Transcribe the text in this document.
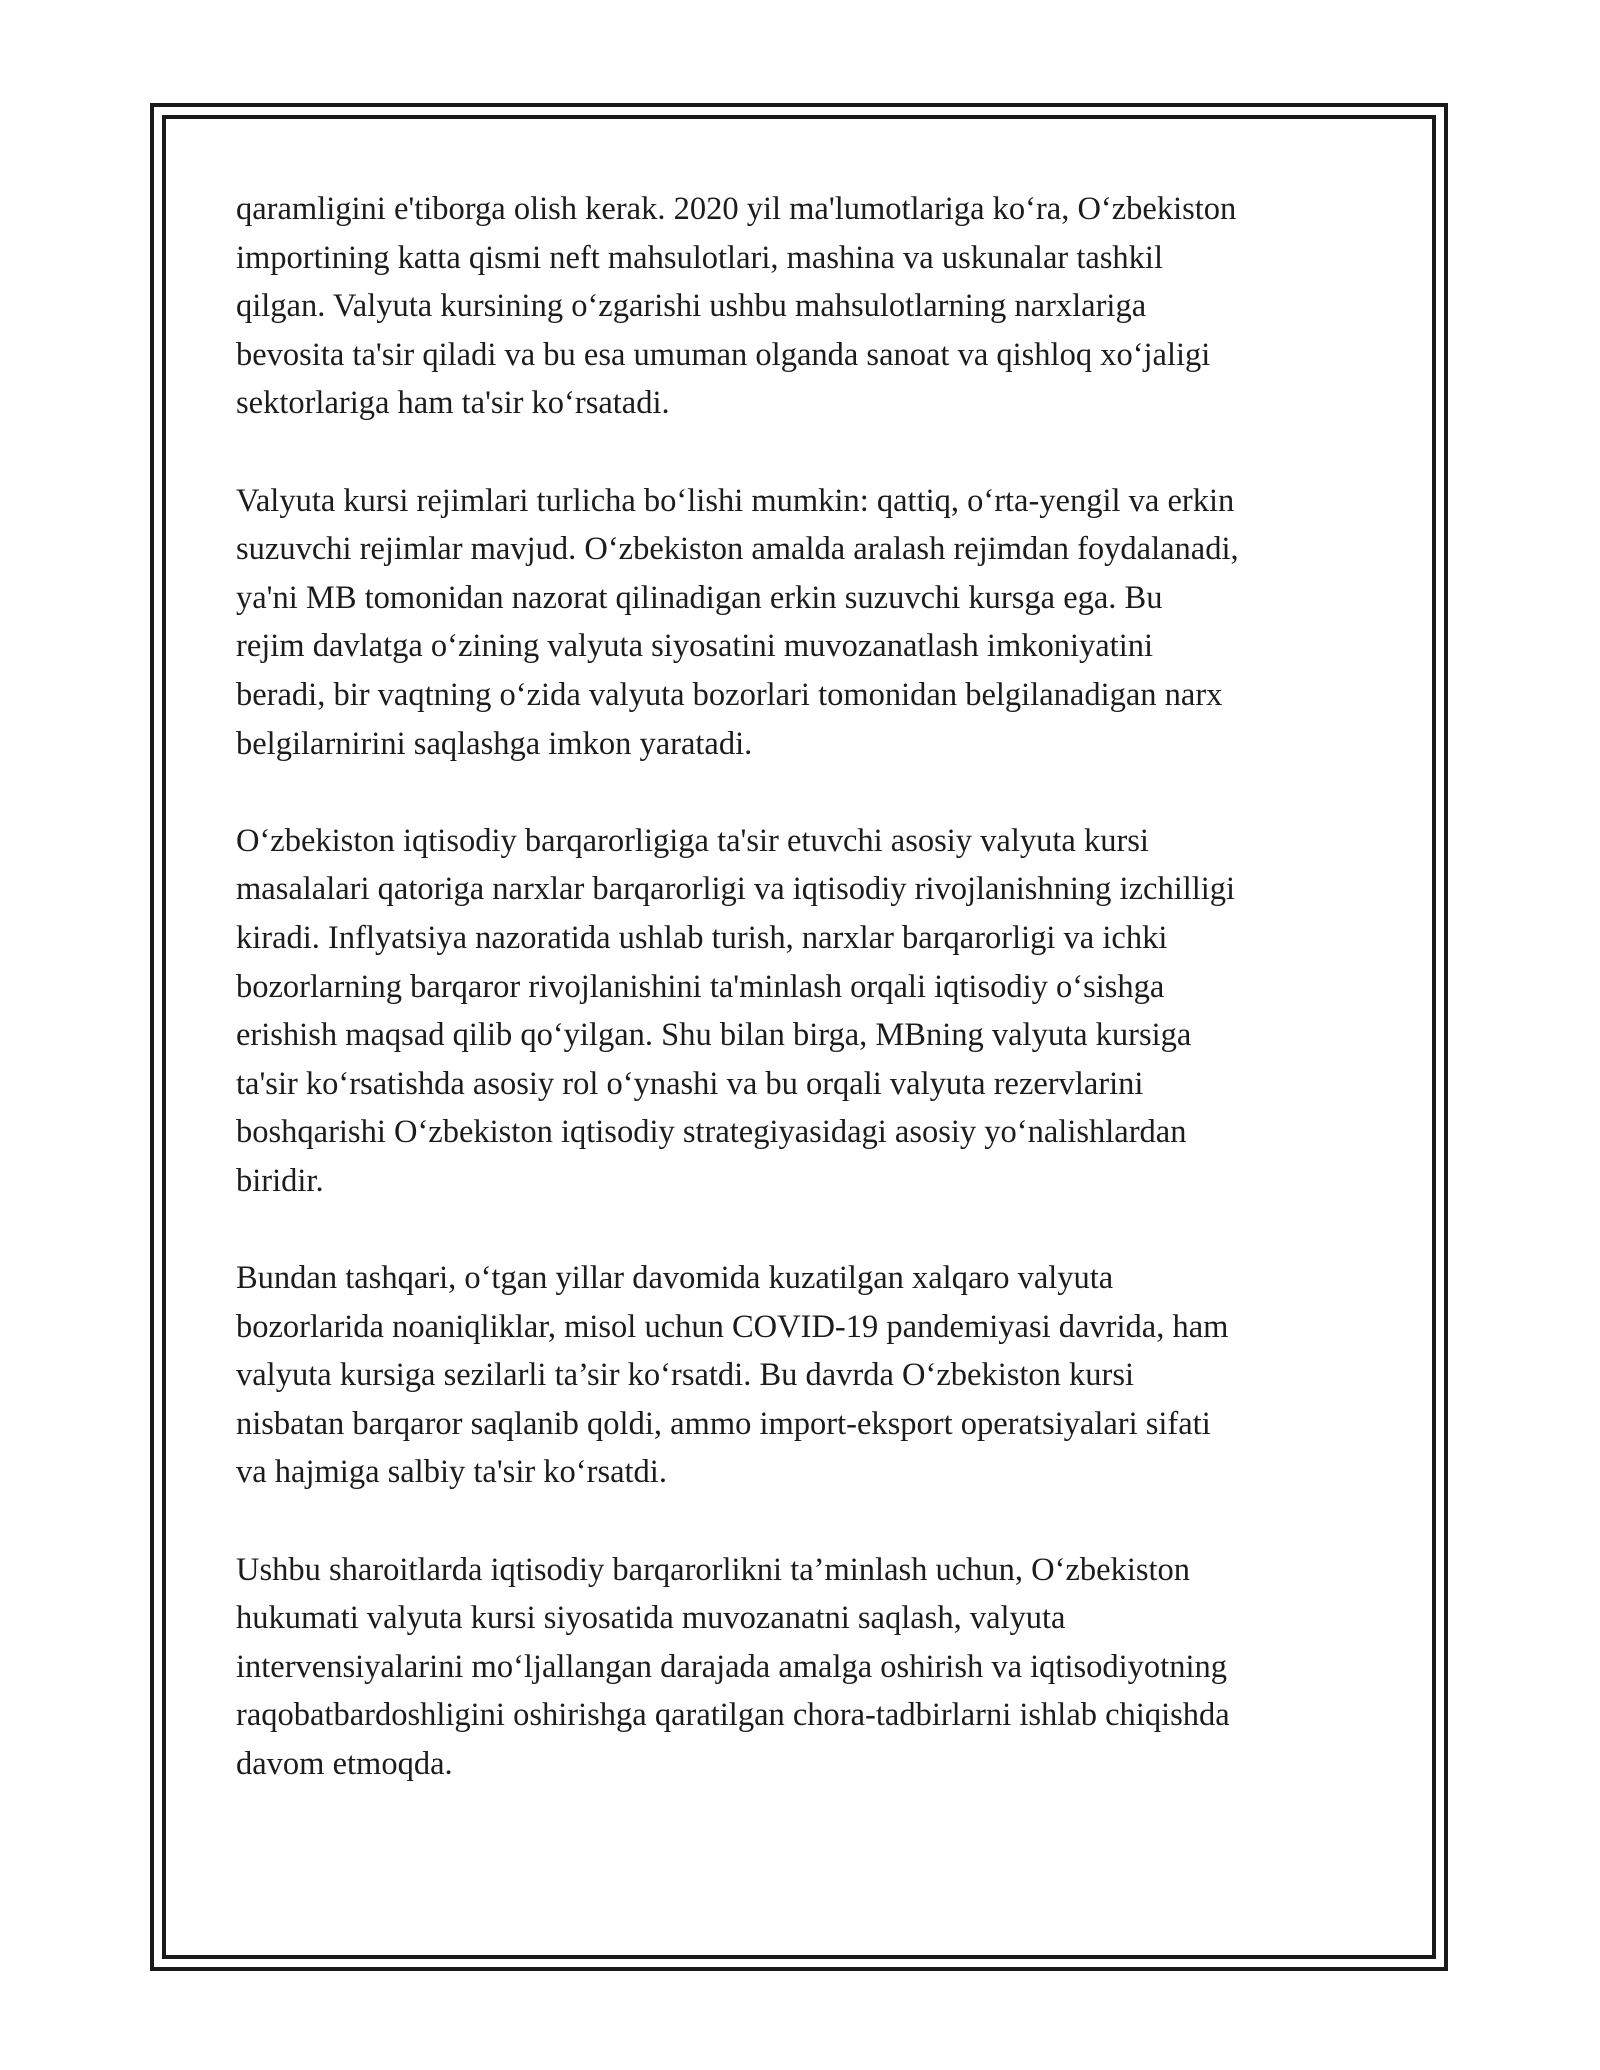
qaramligini e'tiborga olish kerak. 2020 yil ma'lumotlariga ko‘ra, O‘zbekiston
importining katta qismi neft mahsulotlari, mashina va uskunalar tashkil
qilgan. Valyuta kursining o‘zgarishi ushbu mahsulotlarning narxlariga
bevosita ta'sir qiladi va bu esa umuman olganda sanoat va qishloq xo‘jaligi
sektorlariga ham ta'sir ko‘rsatadi.

Valyuta kursi rejimlari turlicha bo‘lishi mumkin: qattiq, o‘rta-yengil va erkin
suzuvchi rejimlar mavjud. O‘zbekiston amalda aralash rejimdan foydalanadi,
ya'ni MB tomonidan nazorat qilinadigan erkin suzuvchi kursga ega. Bu
rejim davlatga o‘zining valyuta siyosatini muvozanatlash imkoniyatini
beradi, bir vaqtning o‘zida valyuta bozorlari tomonidan belgilanadigan narx
belgilarnirini saqlashga imkon yaratadi.

O‘zbekiston iqtisodiy barqarorligiga ta'sir etuvchi asosiy valyuta kursi
masalalari qatoriga narxlar barqarorligi va iqtisodiy rivojlanishning izchilligi
kiradi. Inflyatsiya nazoratida ushlab turish, narxlar barqarorligi va ichki
bozorlarning barqaror rivojlanishini ta'minlash orqali iqtisodiy o‘sishga
erishish maqsad qilib qo‘yilgan. Shu bilan birga, MBning valyuta kursiga
ta'sir ko‘rsatishda asosiy rol o‘ynashi va bu orqali valyuta rezervlarini
boshqarishi O‘zbekiston iqtisodiy strategiyasidagi asosiy yo‘nalishlardan
biridir.

Bundan tashqari, o‘tgan yillar davomida kuzatilgan xalqaro valyuta
bozorlarida noaniqliklar, misol uchun COVID-19 pandemiyasi davrida, ham
valyuta kursiga sezilarli ta’sir ko‘rsatdi. Bu davrda O‘zbekiston kursi
nisbatan barqaror saqlanib qoldi, ammo import-eksport operatsiyalari sifati
va hajmiga salbiy ta'sir ko‘rsatdi.

Ushbu sharoitlarda iqtisodiy barqarorlikni ta’minlash uchun, O‘zbekiston
hukumati valyuta kursi siyosatida muvozanatni saqlash, valyuta
intervensiyalarini mo‘ljallangan darajada amalga oshirish va iqtisodiyotning
raqobatbardoshligini oshirishga qaratilgan chora-tadbirlarni ishlab chiqishda
davom etmoqda.
